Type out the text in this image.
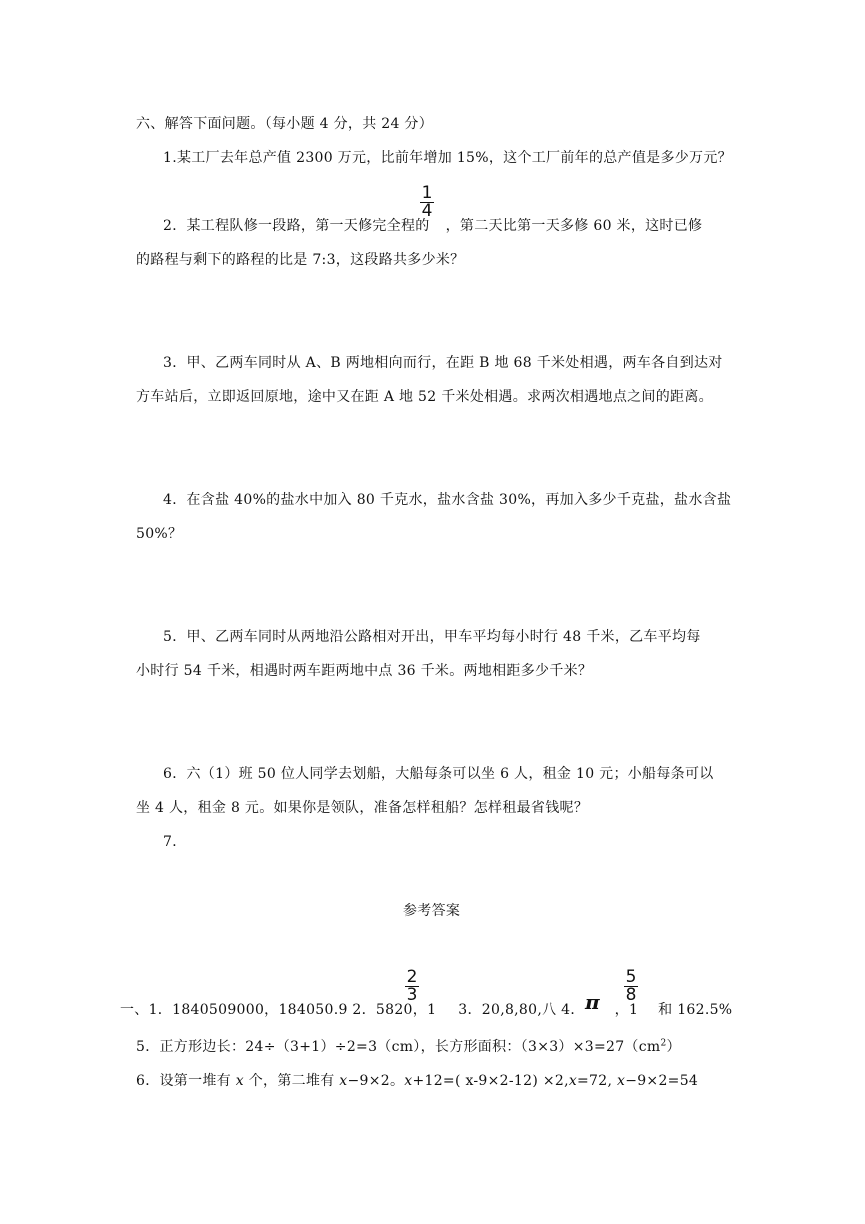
六、解答下面问题。（每小题 4 分，共 24 分）
1.某工厂去年总产值 2300 万元，比前年增加 15%，这个工厂前年的总产值是多少万元？
2．某工程队修一段路，第一天修完全程的 ，第二天比第一天多修 60 米，这时已修
1
4
的路程与剩下的路程的比是 7:3，这段路共多少米？
3．甲、乙两车同时从 A、B 两地相向而行，在距 B 地 68 千米处相遇，两车各自到达对
方车站后，立即返回原地，途中又在距 A 地 52 千米处相遇。求两次相遇地点之间的距离。
4．在含盐 40%的盐水中加入 80 千克水，盐水含盐 30%，再加入多少千克盐，盐水含盐
50%？
5．甲、乙两车同时从两地沿公路相对开出，甲车平均每小时行 48 千米，乙车平均每
小时行 54 千米，相遇时两车距两地中点 36 千米。两地相距多少千米？
6．六（1）班 50 位人同学去划船，大船每条可以坐 6 人，租金 10 元；小船每条可以
坐 4 人，租金 8 元。如果你是领队，准备怎样租船？怎样租最省钱呢？
7．
参考答案
一、1．1840509000，184050.9 2．5820，1 3．20,8,80,八 4． ，1 和 162.5%
2
3	π
5
8
5．正方形边长：24÷（3+1）÷2=3（cm），长方形面积：$(3\times 3)\times 3=27(cm^2)$
6．设第一堆有 x 个，第二堆有 x−9×2。x+12=( x-9×2-12) ×2,x=72, x−9×2=54
